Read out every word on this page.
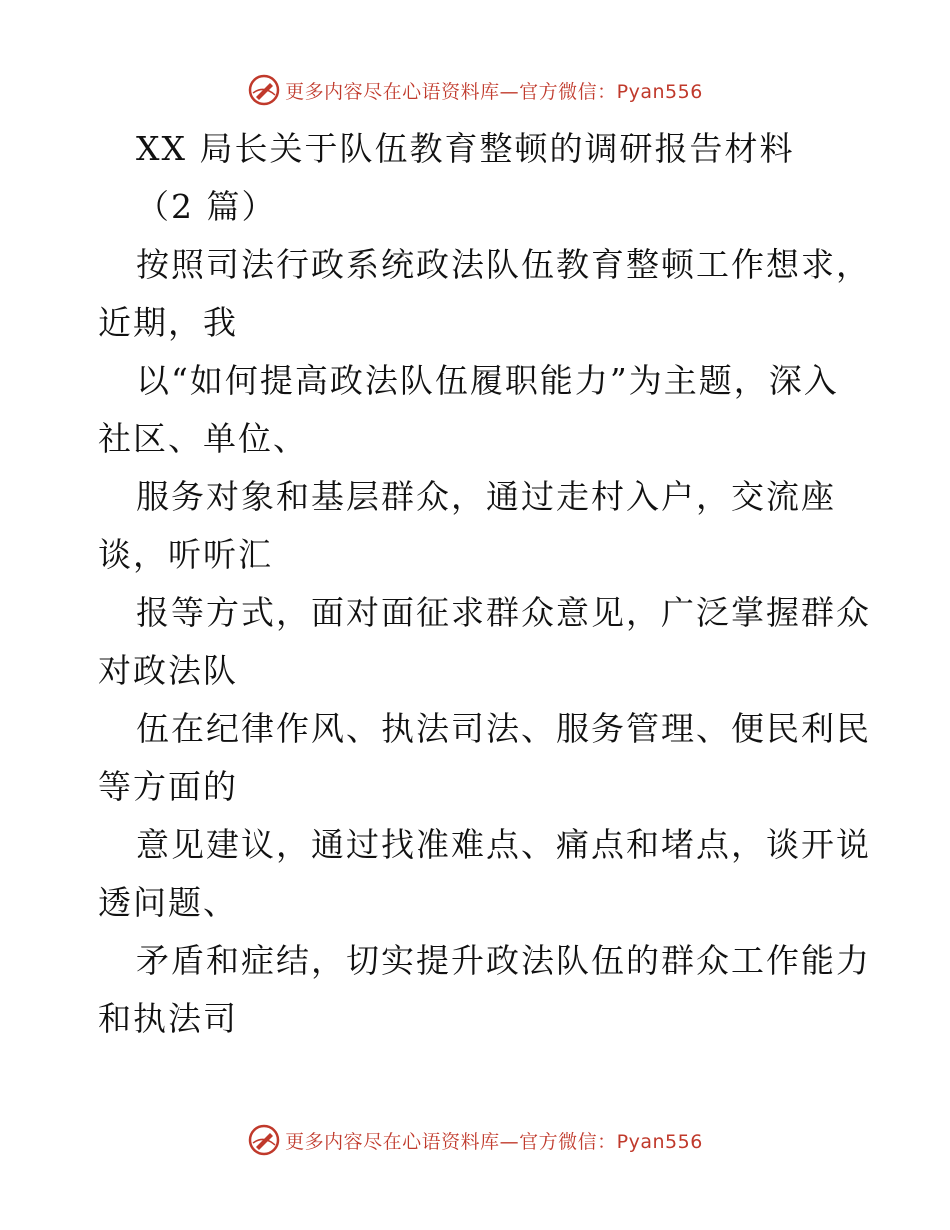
更多内容尽在心语资料库—官方微信：Pyan556
XX 局长关于队伍教育整顿的调研报告材料
（2 篇）
按照司法行政系统政法队伍教育整顿工作想求，
近期，我
以“如何提高政法队伍履职能力”为主题，深入
社区、单位、
服务对象和基层群众，通过走村入户，交流座
谈，听听汇
报等方式，面对面征求群众意见，广泛掌握群众
对政法队
伍在纪律作风、执法司法、服务管理、便民利民
等方面的
意见建议，通过找准难点、痛点和堵点，谈开说
透问题、
矛盾和症结，切实提升政法队伍的群众工作能力
和执法司
更多内容尽在心语资料库—官方微信：Pyan556
